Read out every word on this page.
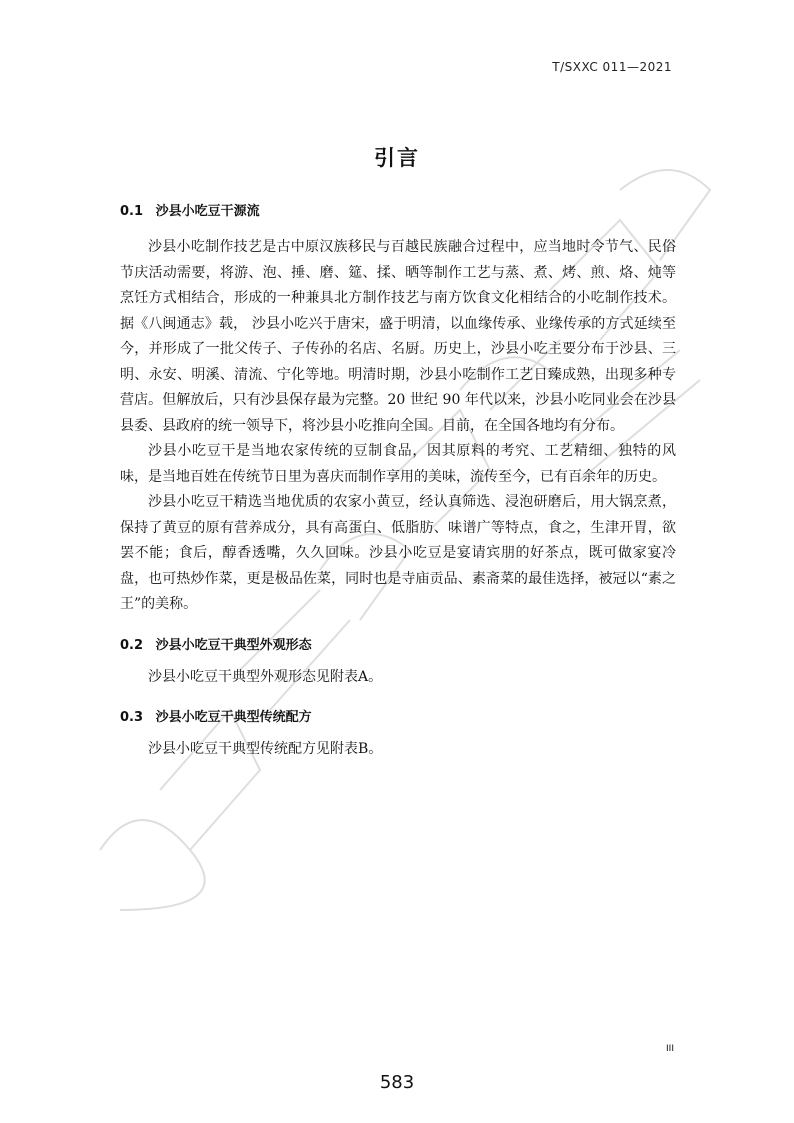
T/SXXC 011—2021
引言
0.1 沙县小吃豆干源流

沙县小吃制作技艺是古中原汉族移民与百越民族融合过程中，应当地时令节气、民俗节庆活动需要，将游、泡、捶、磨、筵、揉、晒等制作工艺与蒸、煮、烤、煎、烙、炖等烹饪方式相结合，形成的一种兼具北方制作技艺与南方饮食文化相结合的小吃制作技术。据《八闽通志》载， 沙县小吃兴于唐宋，盛于明清，以血缘传承、业缘传承的方式延续至今，并形成了一批父传子、子传孙的名店、名厨。历史上，沙县小吃主要分布于沙县、三明、永安、明溪、清流、宁化等地。明清时期，沙县小吃制作工艺日臻成熟，出现多种专营店。但解放后，只有沙县保存最为完整。20 世纪 90 年代以来，沙县小吃同业会在沙县县委、县政府的统一领导下，将沙县小吃推向全国。目前，在全国各地均有分布。

沙县小吃豆干是当地农家传统的豆制食品，因其原料的考究、工艺精细、独特的风味，是当地百姓在传统节日里为喜庆而制作享用的美味，流传至今，已有百余年的历史。

沙县小吃豆干精选当地优质的农家小黄豆，经认真筛选、浸泡研磨后，用大锅烹煮，保持了黄豆的原有营养成分，具有高蛋白、低脂肪、味谱广等特点，食之，生津开胃，欲罢不能；食后，醇香透嘴，久久回味。沙县小吃豆是宴请宾朋的好茶点，既可做家宴冷盘，也可热炒作菜，更是极品佐菜，同时也是寺庙贡品、素斋菜的最佳选择，被冠以“素之王”的美称。

0.2 沙县小吃豆干典型外观形态

沙县小吃豆干典型外观形态见附表A。

0.3 沙县小吃豆干典型传统配方

沙县小吃豆干典型传统配方见附表B。

III
583
